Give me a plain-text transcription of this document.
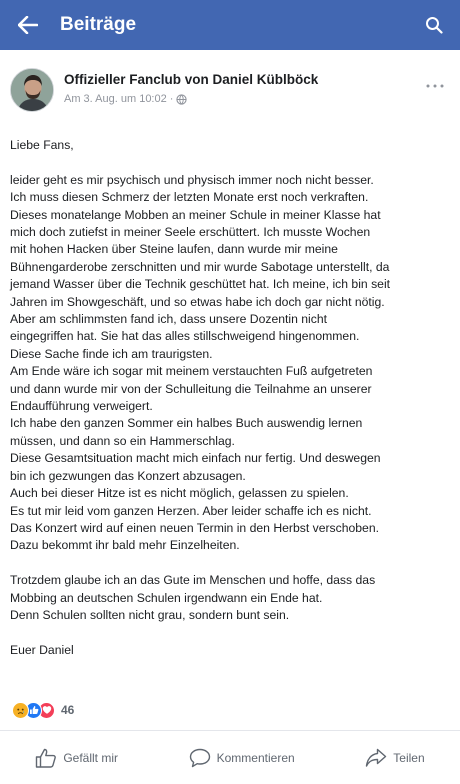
Beiträge
Offizieller Fanclub von Daniel Küblböck
Am 3. Aug. um 10:02 ·

Liebe Fans,

leider geht es mir psychisch und physisch immer noch nicht besser.
Ich muss diesen Schmerz der letzten Monate erst noch verkraften.
Dieses monatelange Mobben an meiner Schule in meiner Klasse hat
mich doch zutiefst in meiner Seele erschüttert. Ich musste Wochen
mit hohen Hacken über Steine laufen, dann wurde mir meine
Bühnengarderobe zerschnitten und mir wurde Sabotage unterstellt, da
jemand Wasser über die Technik geschüttet hat. Ich meine, ich bin seit
Jahren im Showgeschäft, und so etwas habe ich doch gar nicht nötig.
Aber am schlimmsten fand ich, dass unsere Dozentin nicht
eingegriffen hat. Sie hat das alles stillschweigend hingenommen.
Diese Sache finde ich am traurigsten.
Am Ende wäre ich sogar mit meinem verstauchten Fuß aufgetreten
und dann wurde mir von der Schulleitung die Teilnahme an unserer
Endaufführung verweigert.
Ich habe den ganzen Sommer ein halbes Buch auswendig lernen
müssen, und dann so ein Hammerschlag.
Diese Gesamtsituation macht mich einfach nur fertig. Und deswegen
bin ich gezwungen das Konzert abzusagen.
Auch bei dieser Hitze ist es nicht möglich, gelassen zu spielen.
Es tut mir leid vom ganzen Herzen. Aber leider schaffe ich es nicht.
Das Konzert wird auf einen neuen Termin in den Herbst verschoben.
Dazu bekommt ihr bald mehr Einzelheiten.

Trotzdem glaube ich an das Gute im Menschen und hoffe, dass das
Mobbing an deutschen Schulen irgendwann ein Ende hat.
Denn Schulen sollten nicht grau, sondern bunt sein.

Euer Daniel

46
Gefällt mir	Kommentieren	Teilen
